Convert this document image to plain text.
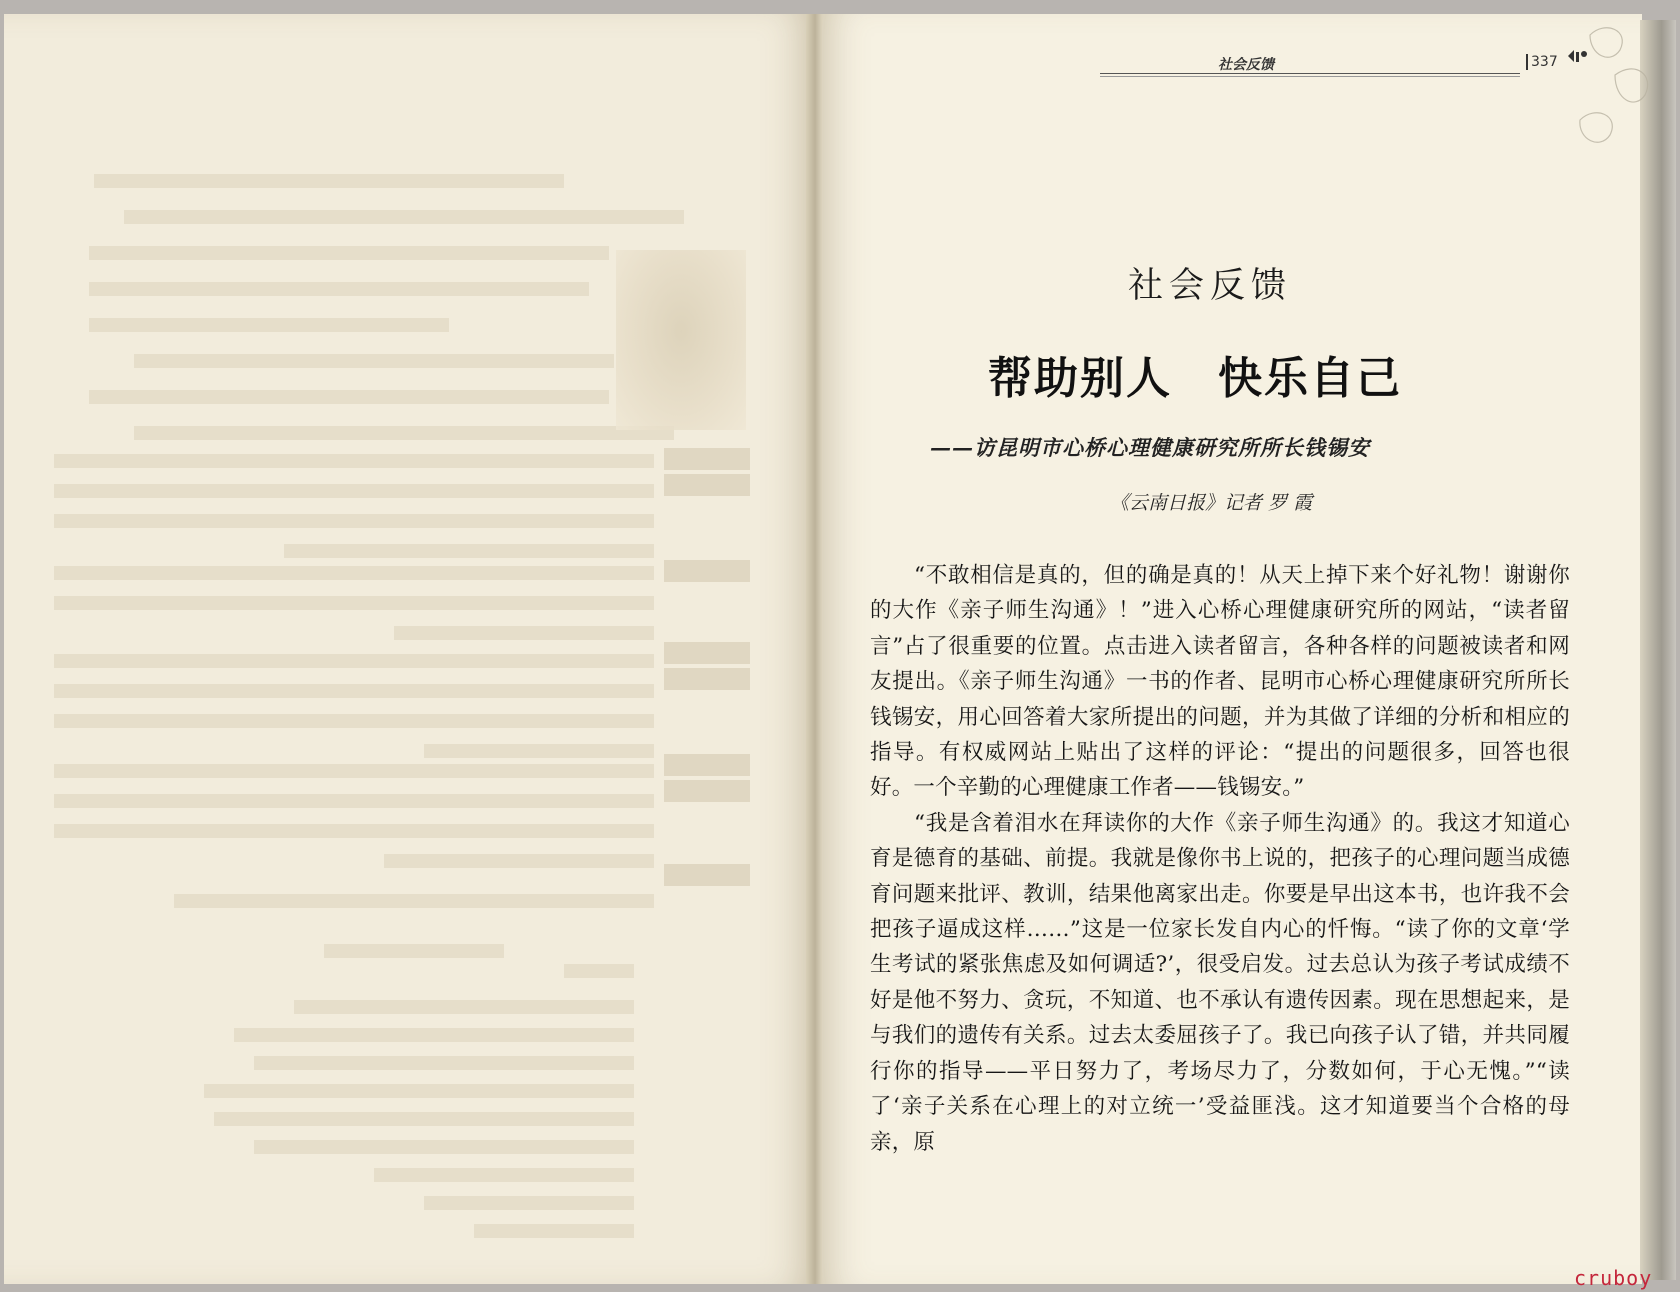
社会反馈	337
社会反馈
帮助别人　快乐自己
——访昆明市心桥心理健康研究所所长钱锡安
《云南日报》记者 罗 霞

“不敢相信是真的，但的确是真的！从天上掉下来个好礼物！谢谢你的大作《亲子师生沟通》！”进入心桥心理健康研究所的网站，“读者留言”占了很重要的位置。点击进入读者留言，各种各样的问题被读者和网友提出。《亲子师生沟通》一书的作者、昆明市心桥心理健康研究所所长钱锡安，用心回答着大家所提出的问题，并为其做了详细的分析和相应的指导。有权威网站上贴出了这样的评论：“提出的问题很多，回答也很好。一个辛勤的心理健康工作者——钱锡安。”

“我是含着泪水在拜读你的大作《亲子师生沟通》的。我这才知道心育是德育的基础、前提。我就是像你书上说的，把孩子的心理问题当成德育问题来批评、教训，结果他离家出走。你要是早出这本书，也许我不会把孩子逼成这样……”这是一位家长发自内心的忏悔。“读了你的文章‘学生考试的紧张焦虑及如何调适?’，很受启发。过去总认为孩子考试成绩不好是他不努力、贪玩，不知道、也不承认有遗传因素。现在思想起来，是与我们的遗传有关系。过去太委屈孩子了。我已向孩子认了错，并共同履行你的指导——平日努力了，考场尽力了，分数如何，于心无愧。”“读了‘亲子关系在心理上的对立统一’受益匪浅。这才知道要当个合格的母亲，原

cruboy
